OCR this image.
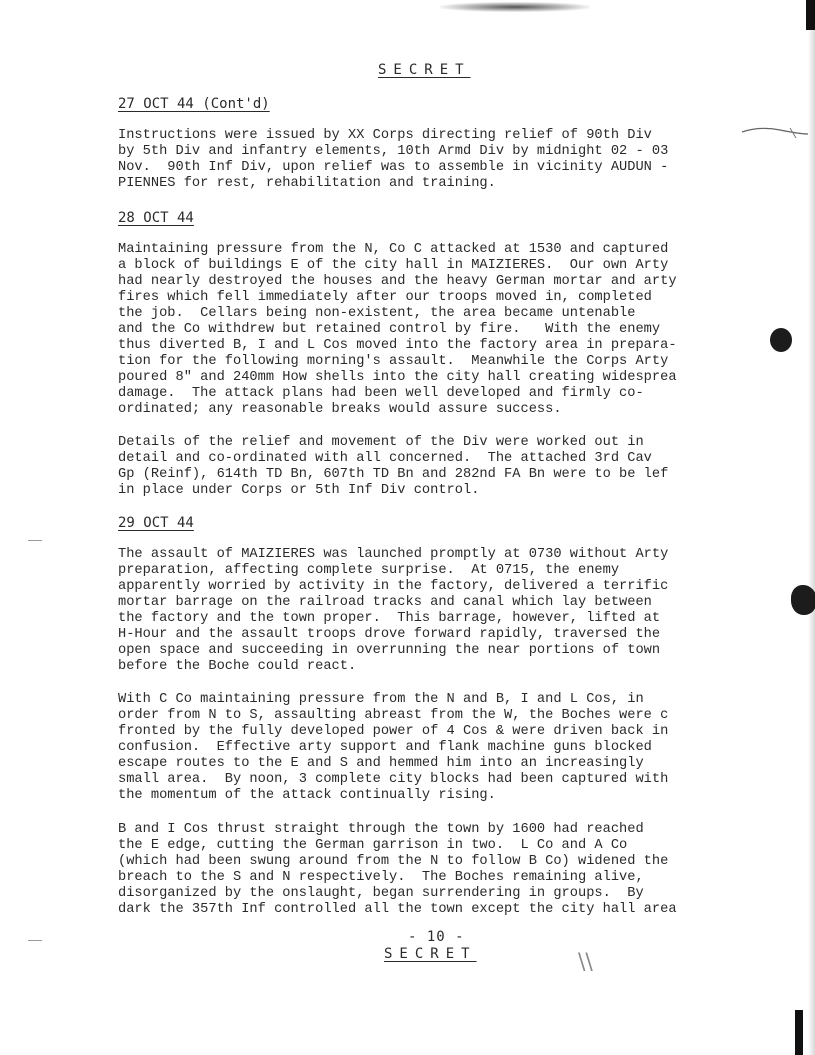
SECRET
27 OCT 44 (Cont'd)
Instructions were issued by XX Corps directing relief of 90th Div
by 5th Div and infantry elements, 10th Armd Div by midnight 02 - 03
Nov.  90th Inf Div, upon relief was to assemble in vicinity AUDUN -
PIENNES for rest, rehabilitation and training.
28 OCT 44
Maintaining pressure from the N, Co C attacked at 1530 and captured
a block of buildings E of the city hall in MAIZIERES.  Our own Arty
had nearly destroyed the houses and the heavy German mortar and arty
fires which fell immediately after our troops moved in, completed
the job.  Cellars being non-existent, the area became untenable
and the Co withdrew but retained control by fire.   With the enemy
thus diverted B, I and L Cos moved into the factory area in prepara-
tion for the following morning's assault.  Meanwhile the Corps Arty
poured 8" and 240mm How shells into the city hall creating widesprea
damage.  The attack plans had been well developed and firmly co-
ordinated; any reasonable breaks would assure success.
Details of the relief and movement of the Div were worked out in
detail and co-ordinated with all concerned.  The attached 3rd Cav
Gp (Reinf), 614th TD Bn, 607th TD Bn and 282nd FA Bn were to be lef
in place under Corps or 5th Inf Div control.
29 OCT 44
The assault of MAIZIERES was launched promptly at 0730 without Arty
preparation, affecting complete surprise.  At 0715, the enemy
apparently worried by activity in the factory, delivered a terrific
mortar barrage on the railroad tracks and canal which lay between
the factory and the town proper.  This barrage, however, lifted at
H-Hour and the assault troops drove forward rapidly, traversed the
open space and succeeding in overrunning the near portions of town
before the Boche could react.
With C Co maintaining pressure from the N and B, I and L Cos, in
order from N to S, assaulting abreast from the W, the Boches were c
fronted by the fully developed power of 4 Cos & were driven back in
confusion.  Effective arty support and flank machine guns blocked
escape routes to the E and S and hemmed him into an increasingly
small area.  By noon, 3 complete city blocks had been captured with
the momentum of the attack continually rising.
B and I Cos thrust straight through the town by 1600 had reached
the E edge, cutting the German garrison in two.  L Co and A Co
(which had been swung around from the N to follow B Co) widened the
breach to the S and N respectively.  The Boches remaining alive,
disorganized by the onslaught, began surrendering in groups.  By
dark the 357th Inf controlled all the town except the city hall area
- 10 -
SECRET	\\
